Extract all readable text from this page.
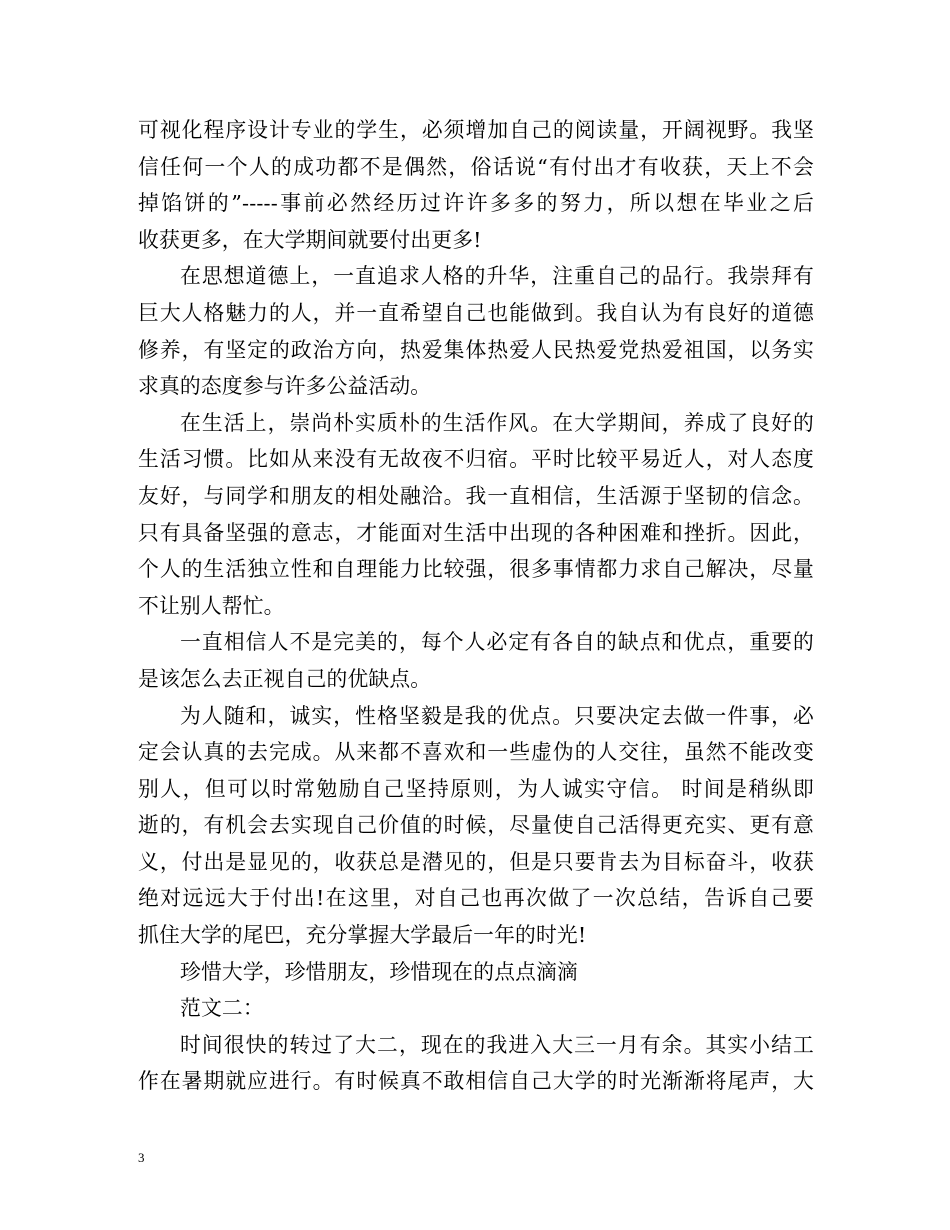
可视化程序设计专业的学生，必须增加自己的阅读量，开阔视野。我坚
信任何一个人的成功都不是偶然，俗话说“有付出才有收获，天上不会
掉馅饼的”-----事前必然经历过许许多多的努力，所以想在毕业之后
收获更多，在大学期间就要付出更多!

在思想道德上，一直追求人格的升华，注重自己的品行。我崇拜有
巨大人格魅力的人，并一直希望自己也能做到。我自认为有良好的道德
修养，有坚定的政治方向，热爱集体热爱人民热爱党热爱祖国，以务实
求真的态度参与许多公益活动。

在生活上，崇尚朴实质朴的生活作风。在大学期间，养成了良好的
生活习惯。比如从来没有无故夜不归宿。平时比较平易近人，对人态度
友好，与同学和朋友的相处融洽。我一直相信，生活源于坚韧的信念。
只有具备坚强的意志，才能面对生活中出现的各种困难和挫折。因此，
个人的生活独立性和自理能力比较强，很多事情都力求自己解决，尽量
不让别人帮忙。

一直相信人不是完美的，每个人必定有各自的缺点和优点，重要的
是该怎么去正视自己的优缺点。

为人随和，诚实，性格坚毅是我的优点。只要决定去做一件事，必
定会认真的去完成。从来都不喜欢和一些虚伪的人交往，虽然不能改变
别人，但可以时常勉励自己坚持原则，为人诚实守信。 时间是稍纵即
逝的，有机会去实现自己价值的时候，尽量使自己活得更充实、更有意
义，付出是显见的，收获总是潜见的，但是只要肯去为目标奋斗，收获
绝对远远大于付出!在这里，对自己也再次做了一次总结，告诉自己要
抓住大学的尾巴，充分掌握大学最后一年的时光!

珍惜大学，珍惜朋友，珍惜现在的点点滴滴

范文二：

时间很快的转过了大二，现在的我进入大三一月有余。其实小结工
作在暑期就应进行。有时候真不敢相信自己大学的时光渐渐将尾声，大

3
